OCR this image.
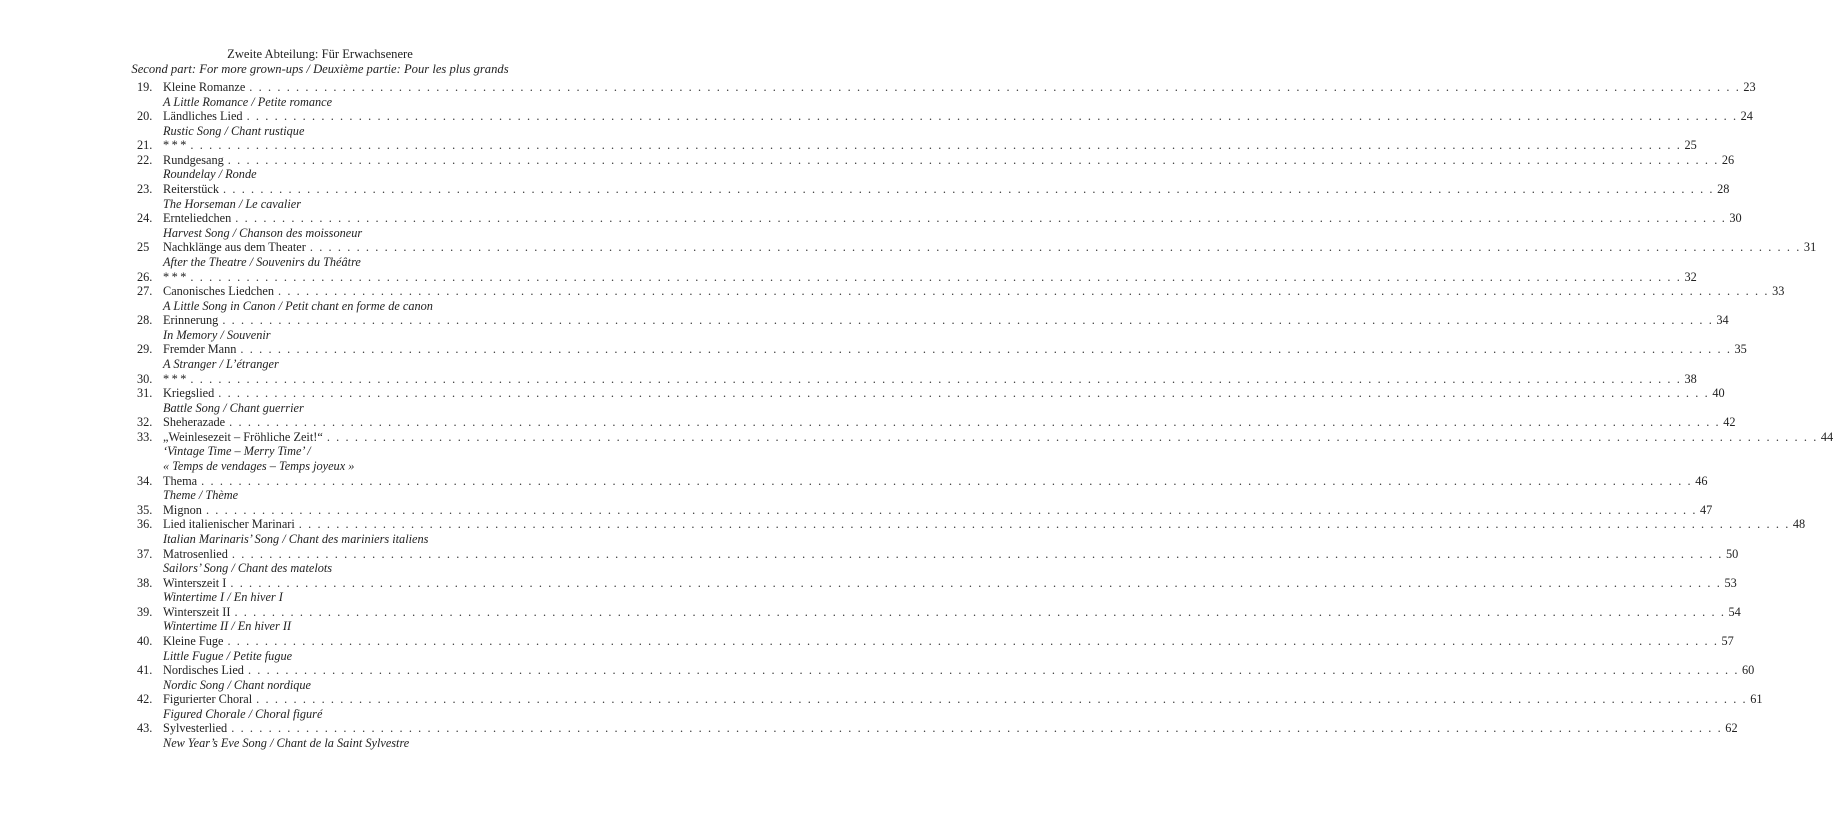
Zweite Abteilung: Für Erwachsenere
Second part: For more grown-ups / Deuxième partie: Pour les plus grands
19. Kleine Romanze . . . . . . . . . . . . . . . . . . . . . . . . . . . . . . . . . . . . . . . . . . . . . . . . . . . . . . . . . . . . . . . . . . . . . . . . . . . . . . . . . . . . . . . . . . . . . . . . . . . . . . . . . . . . . . . . . . . . . . . . . . . . . . . . . . . . . . . . . . . . . . . . . . . . . . . . . . . . . . . . 23
A Little Romance / Petite romance
20. Ländliches Lied . . . . . . . . . . . . . . . . . . . . . . . . . . . . . . . . . . . . . . . . . . . . . . . . . . . . . . . . . . . . . . . . . . . . . . . . . . . . . . . . . . . . . . . . . . . . . . . . . . . . . . . . . . . . . . . . . . . . . . . . . . . . . . . . . . . . . . . . . . . . . . . . . . . . . . . . . . . . . . . . 24
Rustic Song / Chant rustique
21. * * * . . . . . . . . . . . . . . . . . . . . . . . . . . . . . . . . . . . . . . . . . . . . . . . . . . . . . . . . . . . . . . . . . . . . . . . . . . . . . . . . . . . . . . . . . . . . . . . . . . . . . . . . . . . . . . . . . . . . . . . . . . . . . . . . . . . . . . . . . . . . . . . . . . . . . . . . . . . . . . . . 25
22. Rundgesang . . . . . . . . . . . . . . . . . . . . . . . . . . . . . . . . . . . . . . . . . . . . . . . . . . . . . . . . . . . . . . . . . . . . . . . . . . . . . . . . . . . . . . . . . . . . . . . . . . . . . . . . . . . . . . . . . . . . . . . . . . . . . . . . . . . . . . . . . . . . . . . . . . . . . . . . . . . . . . . . 26
Roundelay / Ronde
23. Reiterstück . . . . . . . . . . . . . . . . . . . . . . . . . . . . . . . . . . . . . . . . . . . . . . . . . . . . . . . . . . . . . . . . . . . . . . . . . . . . . . . . . . . . . . . . . . . . . . . . . . . . . . . . . . . . . . . . . . . . . . . . . . . . . . . . . . . . . . . . . . . . . . . . . . . . . . . . . . . . . . . . 28
The Horseman / Le cavalier
24. Ernteliedchen . . . . . . . . . . . . . . . . . . . . . . . . . . . . . . . . . . . . . . . . . . . . . . . . . . . . . . . . . . . . . . . . . . . . . . . . . . . . . . . . . . . . . . . . . . . . . . . . . . . . . . . . . . . . . . . . . . . . . . . . . . . . . . . . . . . . . . . . . . . . . . . . . . . . . . . . . . . . . . . . 30
Harvest Song / Chanson des moissoneur
25 Nachklänge aus dem Theater . . . . . . . . . . . . . . . . . . . . . . . . . . . . . . . . . . . . . . . . . . . . . . . . . . . . . . . . . . . . . . . . . . . . . . . . . . . . . . . . . . . . . . . . . . . . . . . . . . . . . . . . . . . . . . . . . . . . . . . . . . . . . . . . . . . . . . . . . . . . . . . . . . . . . . . . . . . . . . . . 31
After the Theatre / Souvenirs du Théâtre
26. * * * . . . . . . . . . . . . . . . . . . . . . . . . . . . . . . . . . . . . . . . . . . . . . . . . . . . . . . . . . . . . . . . . . . . . . . . . . . . . . . . . . . . . . . . . . . . . . . . . . . . . . . . . . . . . . . . . . . . . . . . . . . . . . . . . . . . . . . . . . . . . . . . . . . . . . . . . . . . . . . . . 32
27. Canonisches Liedchen . . . . . . . . . . . . . . . . . . . . . . . . . . . . . . . . . . . . . . . . . . . . . . . . . . . . . . . . . . . . . . . . . . . . . . . . . . . . . . . . . . . . . . . . . . . . . . . . . . . . . . . . . . . . . . . . . . . . . . . . . . . . . . . . . . . . . . . . . . . . . . . . . . . . . . . . . . . . . . . . 33
A Little Song in Canon / Petit chant en forme de canon
28. Erinnerung . . . . . . . . . . . . . . . . . . . . . . . . . . . . . . . . . . . . . . . . . . . . . . . . . . . . . . . . . . . . . . . . . . . . . . . . . . . . . . . . . . . . . . . . . . . . . . . . . . . . . . . . . . . . . . . . . . . . . . . . . . . . . . . . . . . . . . . . . . . . . . . . . . . . . . . . . . . . . . . . 34
In Memory / Souvenir
29. Fremder Mann . . . . . . . . . . . . . . . . . . . . . . . . . . . . . . . . . . . . . . . . . . . . . . . . . . . . . . . . . . . . . . . . . . . . . . . . . . . . . . . . . . . . . . . . . . . . . . . . . . . . . . . . . . . . . . . . . . . . . . . . . . . . . . . . . . . . . . . . . . . . . . . . . . . . . . . . . . . . . . . . 35
A Stranger / L’étranger
30. * * * . . . . . . . . . . . . . . . . . . . . . . . . . . . . . . . . . . . . . . . . . . . . . . . . . . . . . . . . . . . . . . . . . . . . . . . . . . . . . . . . . . . . . . . . . . . . . . . . . . . . . . . . . . . . . . . . . . . . . . . . . . . . . . . . . . . . . . . . . . . . . . . . . . . . . . . . . . . . . . . . 38
31. Kriegslied . . . . . . . . . . . . . . . . . . . . . . . . . . . . . . . . . . . . . . . . . . . . . . . . . . . . . . . . . . . . . . . . . . . . . . . . . . . . . . . . . . . . . . . . . . . . . . . . . . . . . . . . . . . . . . . . . . . . . . . . . . . . . . . . . . . . . . . . . . . . . . . . . . . . . . . . . . . . . . . . 40
Battle Song / Chant guerrier
32. Sheherazade . . . . . . . . . . . . . . . . . . . . . . . . . . . . . . . . . . . . . . . . . . . . . . . . . . . . . . . . . . . . . . . . . . . . . . . . . . . . . . . . . . . . . . . . . . . . . . . . . . . . . . . . . . . . . . . . . . . . . . . . . . . . . . . . . . . . . . . . . . . . . . . . . . . . . . . . . . . . . . . . 42
33. „Weinlesezeit – Fröhliche Zeit!“ . . . . . . . . . . . . . . . . . . . . . . . . . . . . . . . . . . . . . . . . . . . . . . . . . . . . . . . . . . . . . . . . . . . . . . . . . . . . . . . . . . . . . . . . . . . . . . . . . . . . . . . . . . . . . . . . . . . . . . . . . . . . . . . . . . . . . . . . . . . . . . . . . . . . . . . . . . . . . . . . 44
‘Vintage Time – Merry Time’ /
« Temps de vendages – Temps joyeux »
34. Thema . . . . . . . . . . . . . . . . . . . . . . . . . . . . . . . . . . . . . . . . . . . . . . . . . . . . . . . . . . . . . . . . . . . . . . . . . . . . . . . . . . . . . . . . . . . . . . . . . . . . . . . . . . . . . . . . . . . . . . . . . . . . . . . . . . . . . . . . . . . . . . . . . . . . . . . . . . . . . . . . 46
Theme / Thème
35. Mignon . . . . . . . . . . . . . . . . . . . . . . . . . . . . . . . . . . . . . . . . . . . . . . . . . . . . . . . . . . . . . . . . . . . . . . . . . . . . . . . . . . . . . . . . . . . . . . . . . . . . . . . . . . . . . . . . . . . . . . . . . . . . . . . . . . . . . . . . . . . . . . . . . . . . . . . . . . . . . . . . 47
36. Lied italienischer Marinari . . . . . . . . . . . . . . . . . . . . . . . . . . . . . . . . . . . . . . . . . . . . . . . . . . . . . . . . . . . . . . . . . . . . . . . . . . . . . . . . . . . . . . . . . . . . . . . . . . . . . . . . . . . . . . . . . . . . . . . . . . . . . . . . . . . . . . . . . . . . . . . . . . . . . . . . . . . . . . . . 48
Italian Marinaris’ Song / Chant des mariniers italiens
37. Matrosenlied . . . . . . . . . . . . . . . . . . . . . . . . . . . . . . . . . . . . . . . . . . . . . . . . . . . . . . . . . . . . . . . . . . . . . . . . . . . . . . . . . . . . . . . . . . . . . . . . . . . . . . . . . . . . . . . . . . . . . . . . . . . . . . . . . . . . . . . . . . . . . . . . . . . . . . . . . . . . . . . . 50
Sailors’ Song / Chant des matelots
38. Winterszeit I . . . . . . . . . . . . . . . . . . . . . . . . . . . . . . . . . . . . . . . . . . . . . . . . . . . . . . . . . . . . . . . . . . . . . . . . . . . . . . . . . . . . . . . . . . . . . . . . . . . . . . . . . . . . . . . . . . . . . . . . . . . . . . . . . . . . . . . . . . . . . . . . . . . . . . . . . . . . . . . . 53
Wintertime I / En hiver I
39. Winterszeit II . . . . . . . . . . . . . . . . . . . . . . . . . . . . . . . . . . . . . . . . . . . . . . . . . . . . . . . . . . . . . . . . . . . . . . . . . . . . . . . . . . . . . . . . . . . . . . . . . . . . . . . . . . . . . . . . . . . . . . . . . . . . . . . . . . . . . . . . . . . . . . . . . . . . . . . . . . . . . . . . 54
Wintertime II / En hiver II
40. Kleine Fuge . . . . . . . . . . . . . . . . . . . . . . . . . . . . . . . . . . . . . . . . . . . . . . . . . . . . . . . . . . . . . . . . . . . . . . . . . . . . . . . . . . . . . . . . . . . . . . . . . . . . . . . . . . . . . . . . . . . . . . . . . . . . . . . . . . . . . . . . . . . . . . . . . . . . . . . . . . . . . . . . 57
Little Fugue / Petite fugue
41. Nordisches Lied . . . . . . . . . . . . . . . . . . . . . . . . . . . . . . . . . . . . . . . . . . . . . . . . . . . . . . . . . . . . . . . . . . . . . . . . . . . . . . . . . . . . . . . . . . . . . . . . . . . . . . . . . . . . . . . . . . . . . . . . . . . . . . . . . . . . . . . . . . . . . . . . . . . . . . . . . . . . . . . . 60
Nordic Song / Chant nordique
42. Figurierter Choral . . . . . . . . . . . . . . . . . . . . . . . . . . . . . . . . . . . . . . . . . . . . . . . . . . . . . . . . . . . . . . . . . . . . . . . . . . . . . . . . . . . . . . . . . . . . . . . . . . . . . . . . . . . . . . . . . . . . . . . . . . . . . . . . . . . . . . . . . . . . . . . . . . . . . . . . . . . . . . . . 61
Figured Chorale / Choral figuré
43. Sylvesterlied . . . . . . . . . . . . . . . . . . . . . . . . . . . . . . . . . . . . . . . . . . . . . . . . . . . . . . . . . . . . . . . . . . . . . . . . . . . . . . . . . . . . . . . . . . . . . . . . . . . . . . . . . . . . . . . . . . . . . . . . . . . . . . . . . . . . . . . . . . . . . . . . . . . . . . . . . . . . . . . . 62
New Year’s Eve Song / Chant de la Saint Sylvestre
